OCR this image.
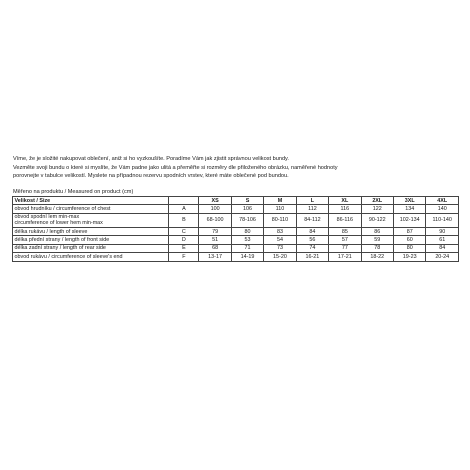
Víme, že je složité nakupovat oblečení, aniž si ho vyzkoušíte. Poradíme Vám jak zjistit správnou velikost bundy.

Vezměte svoji bundu o které si myslíte, že Vám padne jako ulitá a přeměřte si rozměry dle přiloženého obrázku, naměřené hodnoty

porovnejte v tabulce velikostí. Myslete na případnou rezervu spodních vrstev, které máte oblečené pod bundou.

Měřeno na produktu / Measured on product (cm)
Velikost / Size		XS	S	M	L	XL	2XL	3XL	4XL
obvod hrudníku / circumference of chest	A	100	106	110	112	116	122	134	140
obvod spodní lem min-max
circumference of lower hem min-max	B	68-100	78-106	80-110	84-112	86-116	90-122	102-134	110-140
délka rukávu / length of sleeve	C	79	80	83	84	85	86	87	90
délka přední strany / length of front side	D	51	53	54	56	57	59	60	61
délka zadní strany / length of rear side	E	68	71	73	74	77	78	80	84
obvod rukávu / circumference of sleeve's end	F	13-17	14-19	15-20	16-21	17-21	18-22	19-23	20-24
